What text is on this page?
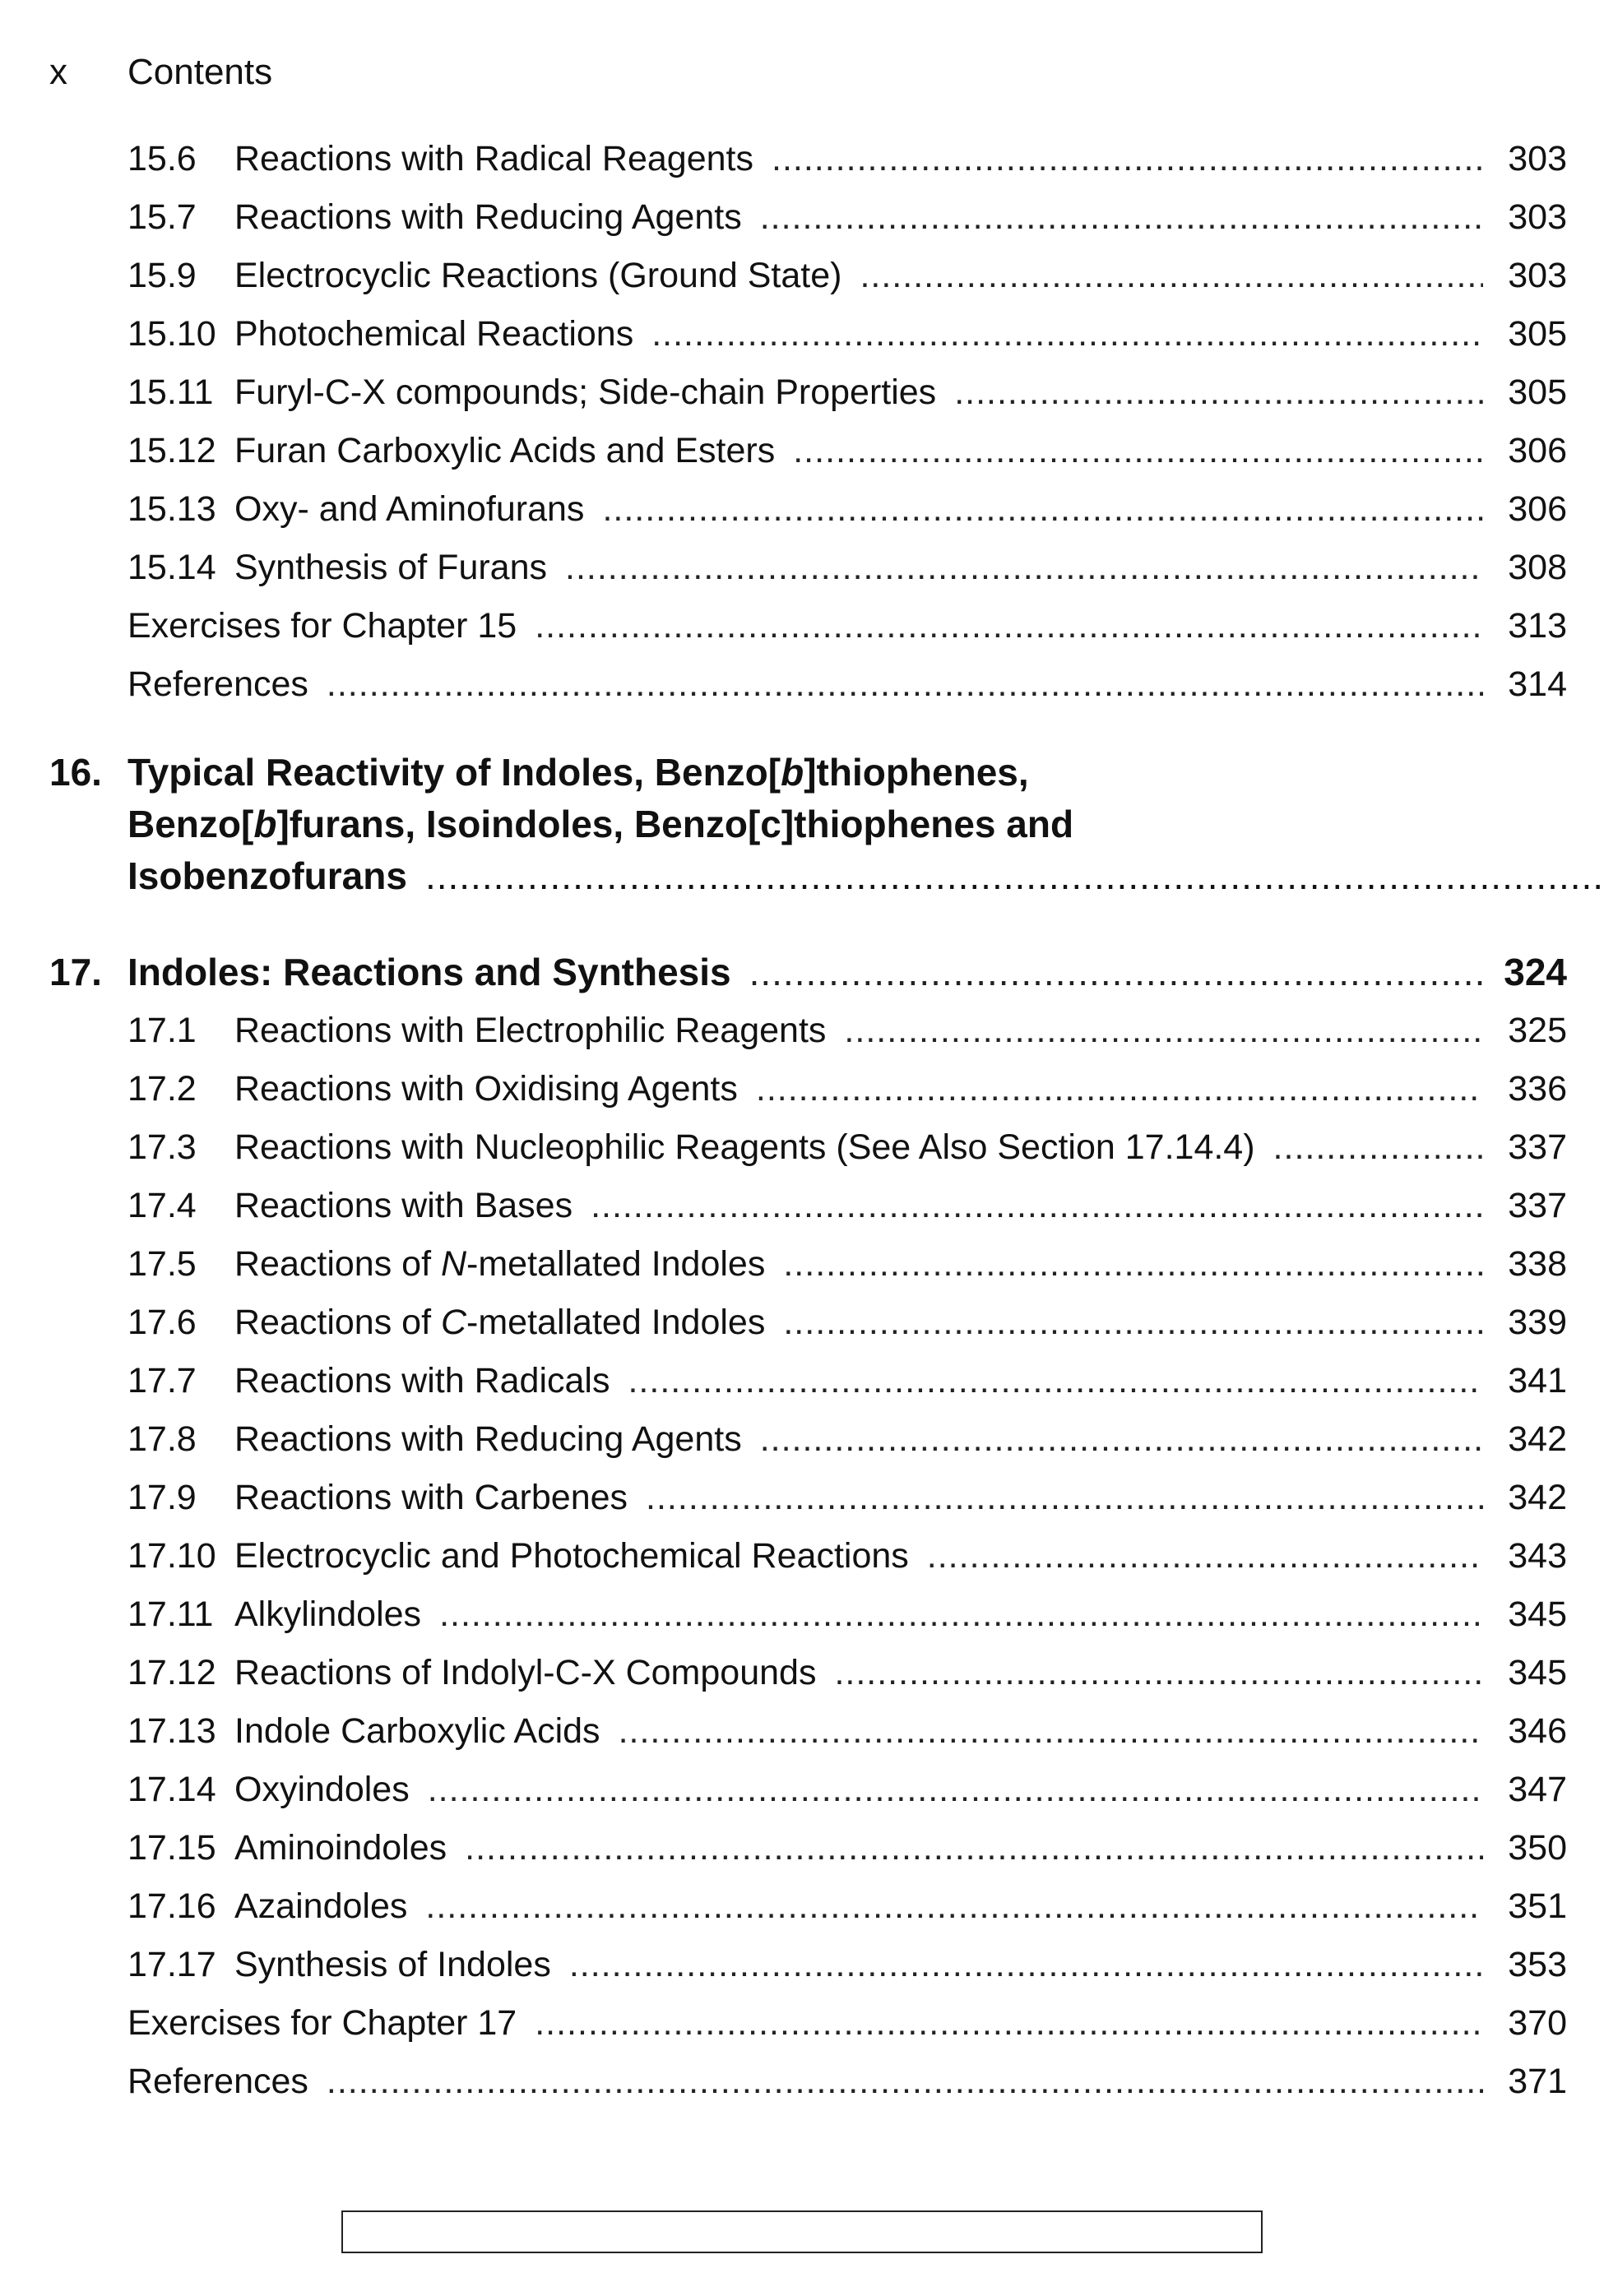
x	Contents
15.6	Reactions with Radical Reagents .....	303
15.7	Reactions with Reducing Agents .....	303
15.9	Electrocyclic Reactions (Ground State) .....	303
15.10 Photochemical Reactions .....	305
15.11 Furyl-C-X compounds; Side-chain Properties .....	305
15.12 Furan Carboxylic Acids and Esters .....	306
15.13 Oxy- and Aminofurans .....	306
15.14 Synthesis of Furans .....	308
Exercises for Chapter 15 .....	313
References .....	314
16. Typical Reactivity of Indoles, Benzo[b]thiophenes,
Benzo[b]furans, Isoindoles, Benzo[c]thiophenes and
Isobenzofurans
.....
17. Indoles: Reactions and Synthesis .....	324
17.1	Reactions with Electrophilic Reagents .....	325
17.2	Reactions with Oxidising Agents .....	336
17.3	Reactions with Nucleophilic Reagents (See Also Section 17.14.4) .....	337
17.4	Reactions with Bases .....	337
17.5	Reactions of N-metallated Indoles .....	338
17.6	Reactions of C-metallated Indoles .....	339
17.7	Reactions with Radicals .....	341
17.8	Reactions with Reducing Agents .....	342
17.9	Reactions with Carbenes .....	342
17.10 Electrocyclic and Photochemical Reactions .....	343
17.11 Alkylindoles .....	345
17.12 Reactions of Indolyl-C-X Compounds .....	345
17.13 Indole Carboxylic Acids .....	346
17.14 Oxyindoles .....	347
17.15 Aminoindoles .....	350
17.16 Azaindoles .....	351
17.17 Synthesis of Indoles .....	353
Exercises for Chapter 17 .....	370
References .....	371
